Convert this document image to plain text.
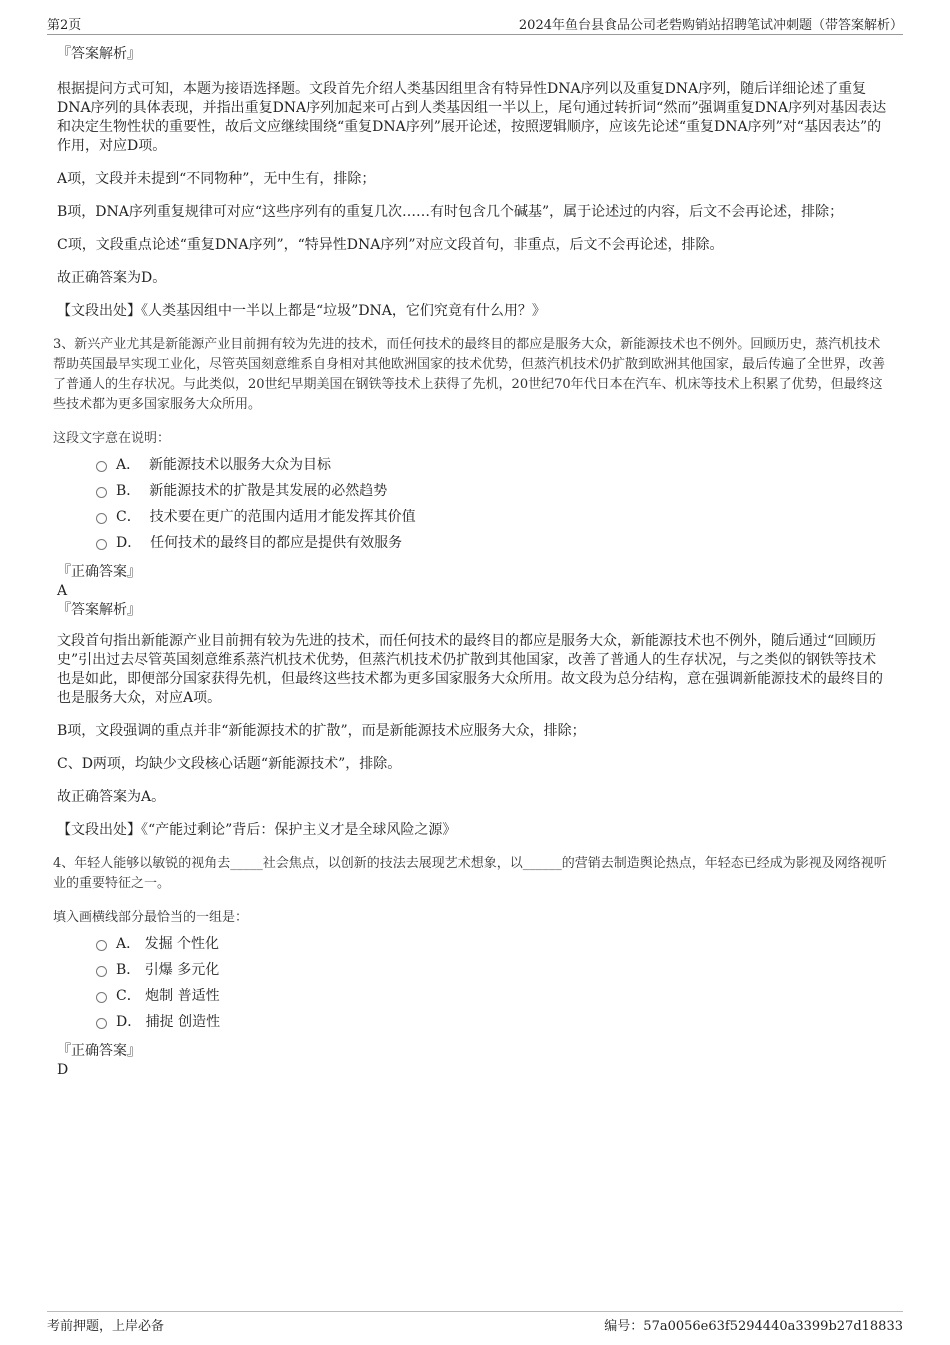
第2页	2024年鱼台县食品公司老砦购销站招聘笔试冲刺题（带答案解析）

『答案解析』

根据提问方式可知，本题为接语选择题。文段首先介绍人类基因组里含有特异性DNA序列以及重复DNA序列，随后详细论述了重复DNA序列的具体表现，并指出重复DNA序列加起来可占到人类基因组一半以上，尾句通过转折词“然而”强调重复DNA序列对基因表达和决定生物性状的重要性，故后文应继续围绕“重复DNA序列”展开论述，按照逻辑顺序，应该先论述“重复DNA序列”对“基因表达”的作用，对应D项。

A项，文段并未提到“不同物种”，无中生有，排除；

B项，DNA序列重复规律可对应“这些序列有的重复几次……有时包含几个碱基”，属于论述过的内容，后文不会再论述，排除；

C项，文段重点论述“重复DNA序列”，“特异性DNA序列”对应文段首句，非重点，后文不会再论述，排除。

故正确答案为D。

【文段出处】《人类基因组中一半以上都是“垃圾”DNA，它们究竟有什么用？》

3、新兴产业尤其是新能源产业目前拥有较为先进的技术，而任何技术的最终目的都应是服务大众，新能源技术也不例外。回顾历史，蒸汽机技术帮助英国最早实现工业化，尽管英国刻意维系自身相对其他欧洲国家的技术优势，但蒸汽机技术仍扩散到欧洲其他国家，最后传遍了全世界，改善了普通人的生存状况。与此类似，20世纪早期美国在钢铁等技术上获得了先机，20世纪70年代日本在汽车、机床等技术上积累了优势，但最终这些技术都为更多国家服务大众所用。

这段文字意在说明：

A． 新能源技术以服务大众为目标
B． 新能源技术的扩散是其发展的必然趋势
C． 技术要在更广的范围内适用才能发挥其价值
D． 任何技术的最终目的都应是提供有效服务

『正确答案』

A

『答案解析』

文段首句指出新能源产业目前拥有较为先进的技术，而任何技术的最终目的都应是服务大众，新能源技术也不例外，随后通过“回顾历史”引出过去尽管英国刻意维系蒸汽机技术优势，但蒸汽机技术仍扩散到其他国家，改善了普通人的生存状况，与之类似的钢铁等技术也是如此，即便部分国家获得先机，但最终这些技术都为更多国家服务大众所用。故文段为总分结构，意在强调新能源技术的最终目的也是服务大众，对应A项。

B项，文段强调的重点并非“新能源技术的扩散”，而是新能源技术应服务大众，排除；

C、D两项，均缺少文段核心话题“新能源技术”，排除。

故正确答案为A。

【文段出处】《“产能过剩论”背后：保护主义才是全球风险之源》

4、年轻人能够以敏锐的视角去_____社会焦点，以创新的技法去展现艺术想象，以______的营销去制造舆论热点，年轻态已经成为影视及网络视听业的重要特征之一。

填入画横线部分最恰当的一组是：

A． 发掘 个性化
B． 引爆 多元化
C． 炮制 普适性
D． 捕捉 创造性

『正确答案』

D

考前押题，上岸必备	编号：57a0056e63f5294440a3399b27d18833
